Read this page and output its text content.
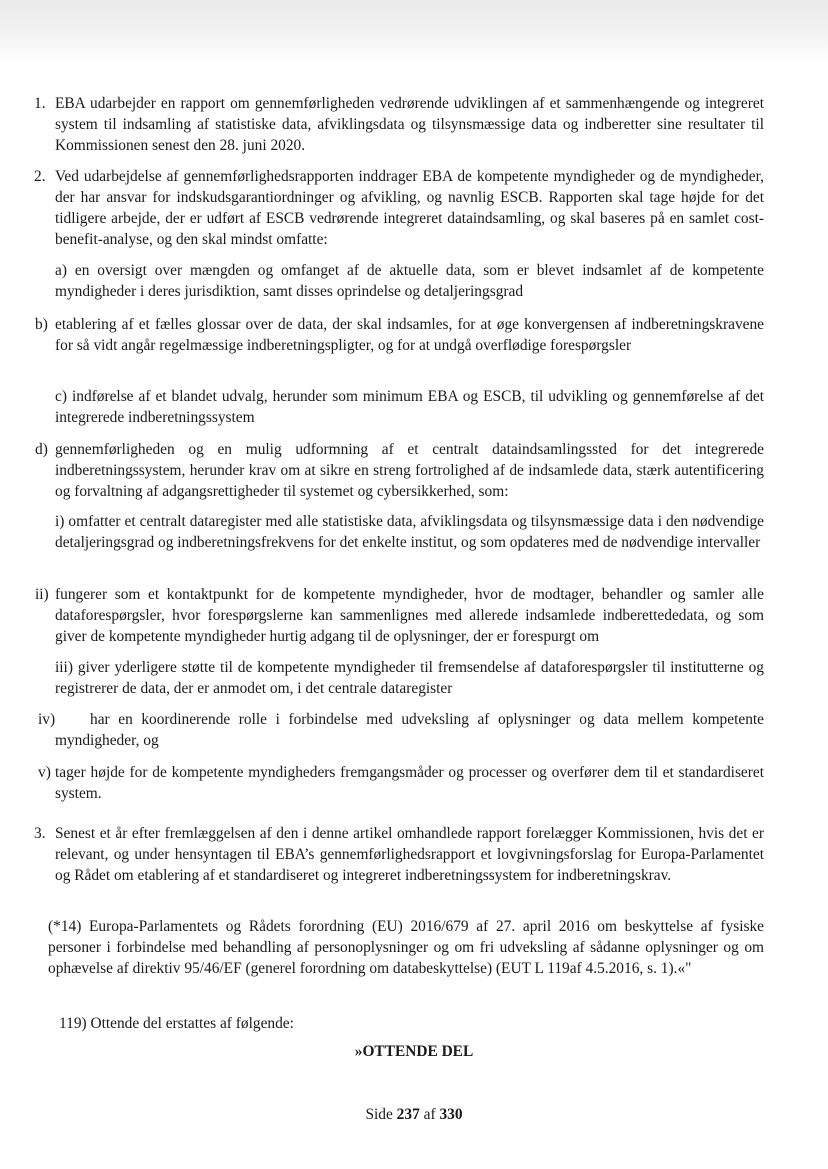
1. EBA udarbejder en rapport om gennemførligheden vedrørende udviklingen af et sammenhængende og integreret system til indsamling af statistiske data, afviklingsdata og tilsynsmæssige data og indberetter sine resultater til Kommissionen senest den 28. juni 2020.

2. Ved udarbejdelse af gennemførlighedsrapporten inddrager EBA de kompetente myndigheder og de myndigheder, der har ansvar for indskudsgarantiordninger og afvikling, og navnlig ESCB. Rapporten skal tage højde for det tidligere arbejde, der er udført af ESCB vedrørende integreret dataindsamling, og skal baseres på en samlet cost-benefit-analyse, og den skal mindst omfatte:

a) en oversigt over mængden og omfanget af de aktuelle data, som er blevet indsamlet af de kompetente myndigheder i deres jurisdiktion, samt disses oprindelse og detaljeringsgrad

b) etablering af et fælles glossar over de data, der skal indsamles, for at øge konvergensen af indberetningskravene for så vidt angår regelmæssige indberetningspligter, og for at undgå overflødige forespørgsler

c) indførelse af et blandet udvalg, herunder som minimum EBA og ESCB, til udvikling og gennemførelse af det integrerede indberetningssystem

d) gennemførligheden og en mulig udformning af et centralt dataindsamlingssted for det integrerede indberetningssystem, herunder krav om at sikre en streng fortrolighed af de indsamlede data, stærk autentificering og forvaltning af adgangsrettigheder til systemet og cybersikkerhed, som:

i) omfatter et centralt dataregister med alle statistiske data, afviklingsdata og tilsynsmæssige data i den nødvendige detaljeringsgrad og indberetningsfrekvens for det enkelte institut, og som opdateres med de nødvendige intervaller

ii) fungerer som et kontaktpunkt for de kompetente myndigheder, hvor de modtager, behandler og samler alle dataforespørgsler, hvor forespørgslerne kan sammenlignes med allerede indsamlede indberettededata, og som giver de kompetente myndigheder hurtig adgang til de oplysninger, der er forespurgt om

iii) giver yderligere støtte til de kompetente myndigheder til fremsendelse af dataforespørgsler til institutterne og registrerer de data, der er anmodet om, i det centrale dataregister

iv)	har en koordinerende rolle i forbindelse med udveksling af oplysninger og data mellem kompetente myndigheder, og

v) tager højde for de kompetente myndigheders fremgangsmåder og processer og overfører dem til et standardiseret system.

3. Senest et år efter fremlæggelsen af den i denne artikel omhandlede rapport forelægger Kommissionen, hvis det er relevant, og under hensyntagen til EBA’s gennemførlighedsrapport et lovgivningsforslag for Europa-Parlamentet og Rådet om etablering af et standardiseret og integreret indberetningssystem for indberetningskrav.

(*14) Europa-Parlamentets og Rådets forordning (EU) 2016/679 af 27. april 2016 om beskyttelse af fysiske personer i forbindelse med behandling af personoplysninger og om fri udveksling af sådanne oplysninger og om ophævelse af direktiv 95/46/EF (generel forordning om databeskyttelse) (EUT L 119af 4.5.2016, s. 1).«"

119) Ottende del erstattes af følgende:

»OTTENDE DEL
Side 237 af 330
